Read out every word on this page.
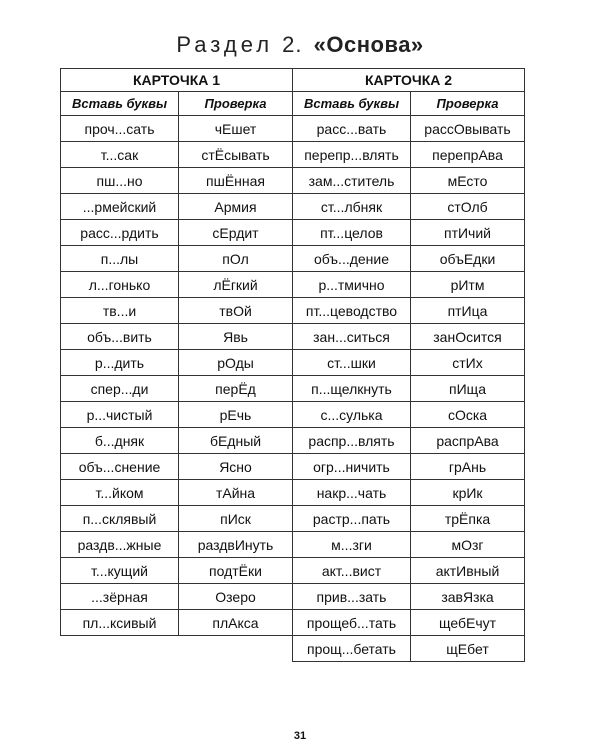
Раздел 2. «Основа»
КАРТОЧКА 1	
Вставь буквы	Проверка
проч...сать	чЕшет
т...сак	стЁсывать
пш...но	пшЁнная
...рмейский	Армия
расс...рдить	сЕрдит
п...лы	пОл
л...гонько	лЁгкий
тв...и	твОй
объ...вить	Явь
р...дить	рОды
спер...ди	перЁд
р...чистый	рЕчь
б...дняк	бЕдный
объ...снение	Ясно
т...йком	тАйна
п...склявый	пИск
раздв...жные	раздвИнуть
т...кущий	подтЁки
...зёрная	Озеро
пл...ксивый	плАкса
КАРТОЧКА 2	
Вставь буквы	Проверка
расс...вать	рассОвывать
перепр...влять	перепрАва
зам...ститель	мЕсто
ст...лбняк	стОлб
пт...целов	птИчий
объ...дение	объЕдки
р...тмично	рИтм
пт...цеводство	птИца
зан...ситься	занОсится
ст...шки	стИх
п...щелкнуть	пИща
с...сулька	сОска
распр...влять	распрАва
огр...ничить	грАнь
накр...чать	крИк
растр...пать	трЁпка
м...зги	мОзг
акт...вист	актИвный
прив...зать	завЯзка
прощеб...тать	щебЕчут
прощ...бетать	щЕбет
31
